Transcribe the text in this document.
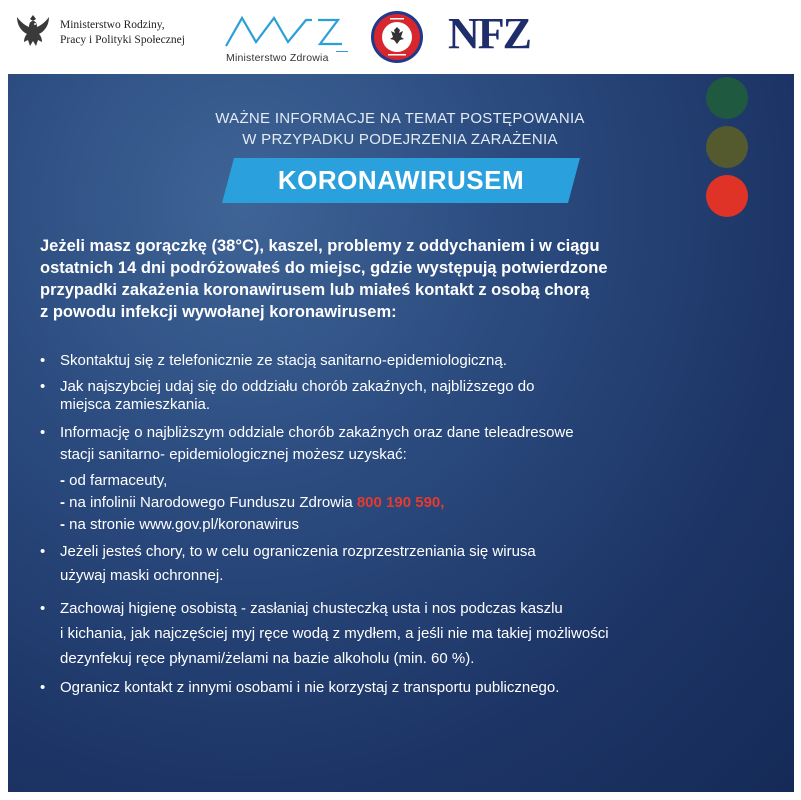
Ministerstwo Rodziny,
Pracy i Polityki Społecznej
Ministerstwo Zdrowia	NFZ
WAŻNE INFORMACJE NA TEMAT POSTĘPOWANIA
W PRZYPADKU PODEJRZENIA ZARAŻENIA
KORONAWIRUSEM
Jeżeli masz gorączkę (38°C), kaszel, problemy z oddychaniem i w ciągu
ostatnich 14 dni podróżowałeś do miejsc, gdzie występują potwierdzone
przypadki zakażenia koronawirusem lub miałeś kontakt z osobą chorą
z powodu infekcji wywołanej koronawirusem:
• Skontaktuj się z telefonicznie ze stacją sanitarno-epidemiologiczną.
• Jak najszybciej udaj się do oddziału chorób zakaźnych, najbliższego do
miejsca zamieszkania.
• Informację o najbliższym oddziale chorób zakaźnych oraz dane teleadresowe
stacji sanitarno- epidemiologicznej możesz uzyskać:
- od farmaceuty,
- na infolinii Narodowego Funduszu Zdrowia 800 190 590,
- na stronie www.gov.pl/koronawirus
• Jeżeli jesteś chory, to w celu ograniczenia rozprzestrzeniania się wirusa
używaj maski ochronnej.
• Zachowaj higienę osobistą - zasłaniaj chusteczką usta i nos podczas kaszlu
i kichania, jak najczęściej myj ręce wodą z mydłem, a jeśli nie ma takiej możliwości
dezynfekuj ręce płynami/żelami na bazie alkoholu (min. 60 %).
• Ogranicz kontakt z innymi osobami i nie korzystaj z transportu publicznego.
